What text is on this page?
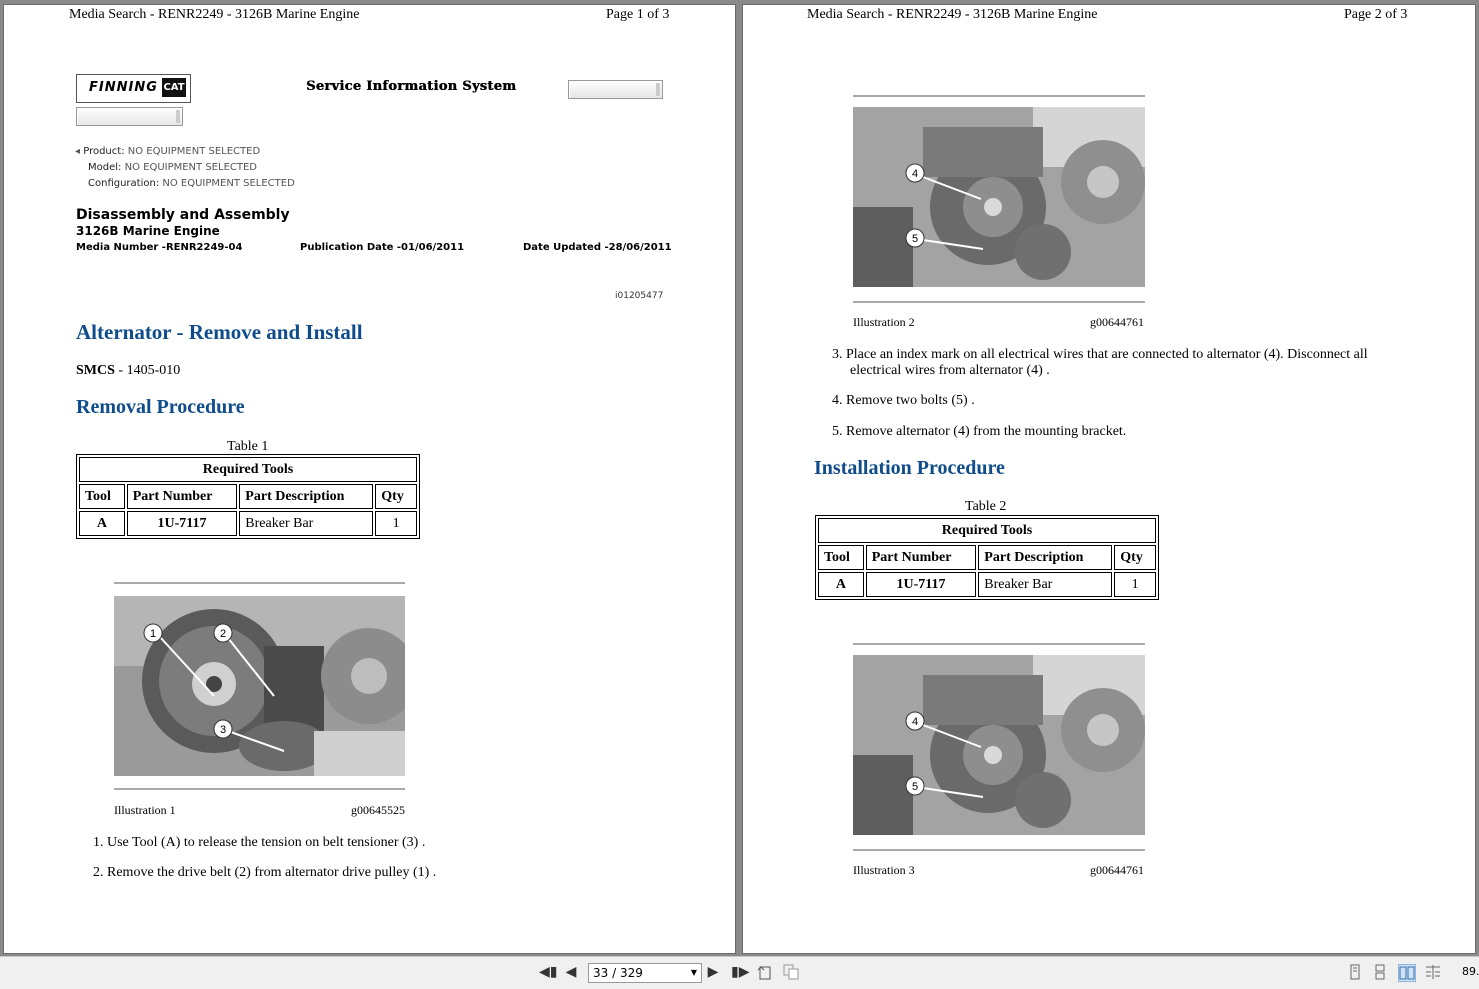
Media Search - RENR2249 - 3126B Marine Engine	Page 1 of 3
FINNING CAT	Service Information System
◂ Product: NO EQUIPMENT SELECTED
Model: NO EQUIPMENT SELECTED
Configuration: NO EQUIPMENT SELECTED
Disassembly and Assembly
3126B Marine Engine
Media Number -RENR2249-04	Publication Date -01/06/2011	Date Updated -28/06/2011
i01205477
Alternator - Remove and Install
SMCS - 1405-010
Removal Procedure
Table 1
Required Tools			
Tool	Part Number	Part Description	Qty
A	1U-7117	Breaker Bar	1
1	2
3
Illustration 1	g00645525
1. Use Tool (A) to release the tension on belt tensioner (3) .
2. Remove the drive belt (2) from alternator drive pulley (1) .
Media Search - RENR2249 - 3126B Marine Engine	Page 2 of 3
4
5
Illustration 2	g00644761
3. Place an index mark on all electrical wires that are connected to alternator (4). Disconnect all
electrical wires from alternator (4) .
4. Remove two bolts (5) .
5. Remove alternator (4) from the mounting bracket.
Installation Procedure
Table 2
Required Tools			
Tool	Part Number	Part Description	Qty
A	1U-7117	Breaker Bar	1
4
5
Illustration 3	g00644761
◀▮ ◀ 33 / 329	▼ ▶ ▮▶	89.
